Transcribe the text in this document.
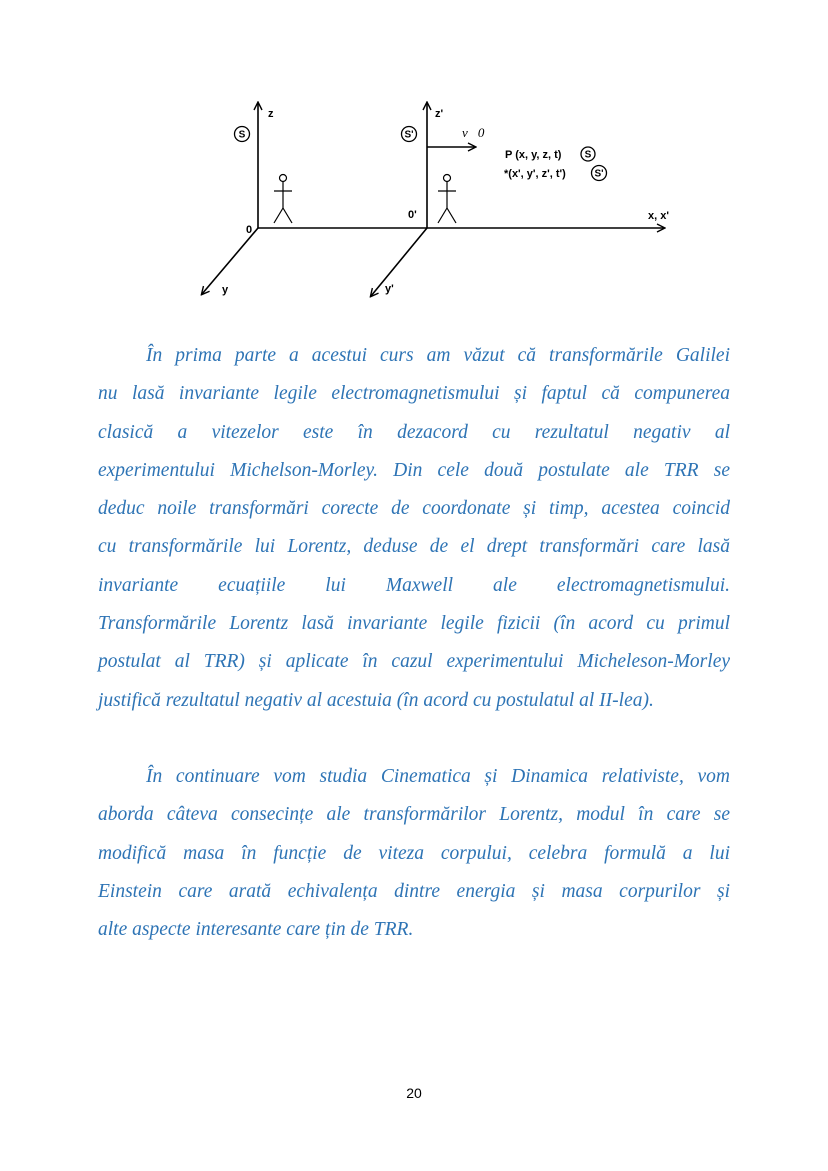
x, x'
z
y
0
S
z'
y'
0'
S'	v⃗0
P (x, y, z, t) S
*(x', y', z', t')	S'
În prima parte a acestui curs am văzut că transformările Galilei
nu lasă invariante legile electromagnetismului și faptul că compunerea
clasică a vitezelor este în dezacord cu rezultatul negativ al
experimentului Michelson-Morley. Din cele două postulate ale TRR se
deduc noile transformări corecte de coordonate și timp, acestea coincid
cu transformările lui Lorentz, deduse de el drept transformări care lasă
invariante ecuațiile lui Maxwell ale electromagnetismului.
Transformările Lorentz lasă invariante legile fizicii (în acord cu primul
postulat al TRR) și aplicate în cazul experimentului Micheleson-Morley
justifică rezultatul negativ al acestuia (în acord cu postulatul al II-lea).
În continuare vom studia Cinematica și Dinamica relativiste, vom
aborda câteva consecințe ale transformărilor Lorentz, modul în care se
modifică masa în funcție de viteza corpului, celebra formulă a lui
Einstein care arată echivalența dintre energia și masa corpurilor și
alte aspecte interesante care țin de TRR.
20
